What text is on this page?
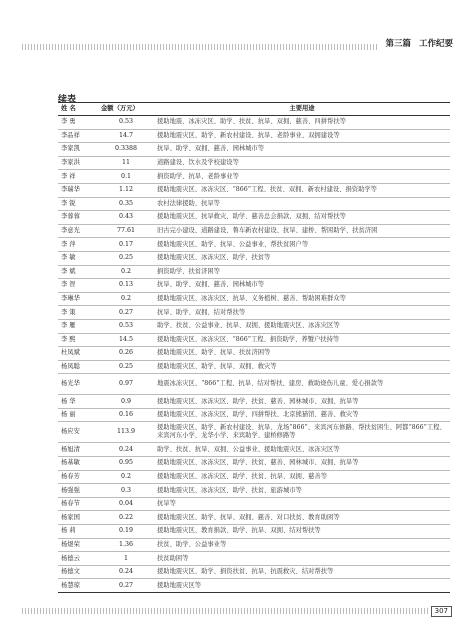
第三篇 工作纪要
续表
姓 名	金额（万元）	主要用途
李 勇	0.53	援助地震、冰冻灾区、助学、扶贫、抗旱、双拥、慈善、四拼帮扶等
李品祥	14.7	援助地震灾区、助学、新农村建设、抗旱、老龄事业、双拥建设等
李家凯	0.3388	抗旱、助学、双拥、慈善、园林城市等
李家洪	11	道路建设、饮水及学校建设等
李 祥	0.1	捐资助学、抗旱、老龄事业等
李瑞华	1.12	援助地震灾区、冰冻灾区、“866”工程、扶贫、双拥、新农村建设、捐资助学等
李 锐	0.35	农村法律援助、抗旱等
李蓉蓉	0.43	援助地震灾区、抗旱救灾、助学、慈善总会捐款、双拥、结对帮扶等
李意光	77.61	旧古完小建设、道路建设、鲁车新农村建设、抗旱、建桥、帮困助学、扶贫济困
李 萍	0.17	援助地震灾区、助学、抗旱、公益事业、帮扶贫困户等
李 敏	0.25	援助地震灾区、冰冻灾区、助学、扶贫等
李 斌	0.2	捐资助学、扶贫济困等
李 智	0.13	抗旱、助学、双拥、慈善、园林城市等
李琳华	0.2	援助地震灾区、冰冻灾区、抗旱、义务植树、慈善、帮助困难群众等
李 策	0.27	抗旱、助学、双拥、结对帮扶等
李 雁	0.53	助学、扶贫、公益事业、抗旱、双拥、援助地震灾区、冰冻灾区等
李 熙	14.5	援助地震灾区、冰冻灾区、“866”工程、捐资助学、养蟹户扶持等
杜凤斌	0.26	援助地震灾区、助学、抗旱、扶贫济困等
杨凤聪	0.25	援助地震灾区、助学、抗旱、双拥、救灾等
杨光华	0.97	地震冰冻灾区、“866”工程、抗旱、结对帮扶、建房、救助烧伤儿童、爱心捐款等
杨 华	0.9	援助地震灾区、冰冻灾区、助学、扶贫、慈善、园林城市、双拥、抗旱等
杨 丽	0.16	援助地震灾区、冰冻灾区、助学、四拼帮扶、北京熊猫馆、慈善、救灾等
杨应安	113.9	援助地震灾区、助学、新农村建设、抗旱、龙场“866”、来宾河东修路、帮扶贫困生、阿都“866”工程、来宾河东小学、龙华小学、来宾助学、建桥修路等
杨旭清	0.24	助学、扶贫、抗旱、双拥、公益事业、援助地震灾区、冰冻灾区等
杨基敏	0.95	援助地震灾区、冰冻灾区、助学、扶贫、慈善、园林城市、双拥、抗旱等
杨春芳	0.2	援助地震灾区、冰冻灾区、助学、扶贫、抗旱、双拥、慈善等
杨强强	0.3	援助地震灾区、冰冻灾区、助学、扶贫、旅游城市等
杨春节	0.04	抗旱等
杨家国	0.22	援助地震灾区、助学、抗旱、双拥、慈善、对口扶贫、教育助困等
杨 莉	0.19	援助地震灾区、教育捐款、助学、抗旱、双拥、结对帮扶等
杨煜荣	1.36	扶贫、助学、公益事业等
杨德云	1	扶贫助困等
杨德文	0.24	援助地震灾区、助学、捐资扶贫、抗旱、抗震救灾、结对帮扶等
杨慧琼	0.27	援助地震灾区等
307
